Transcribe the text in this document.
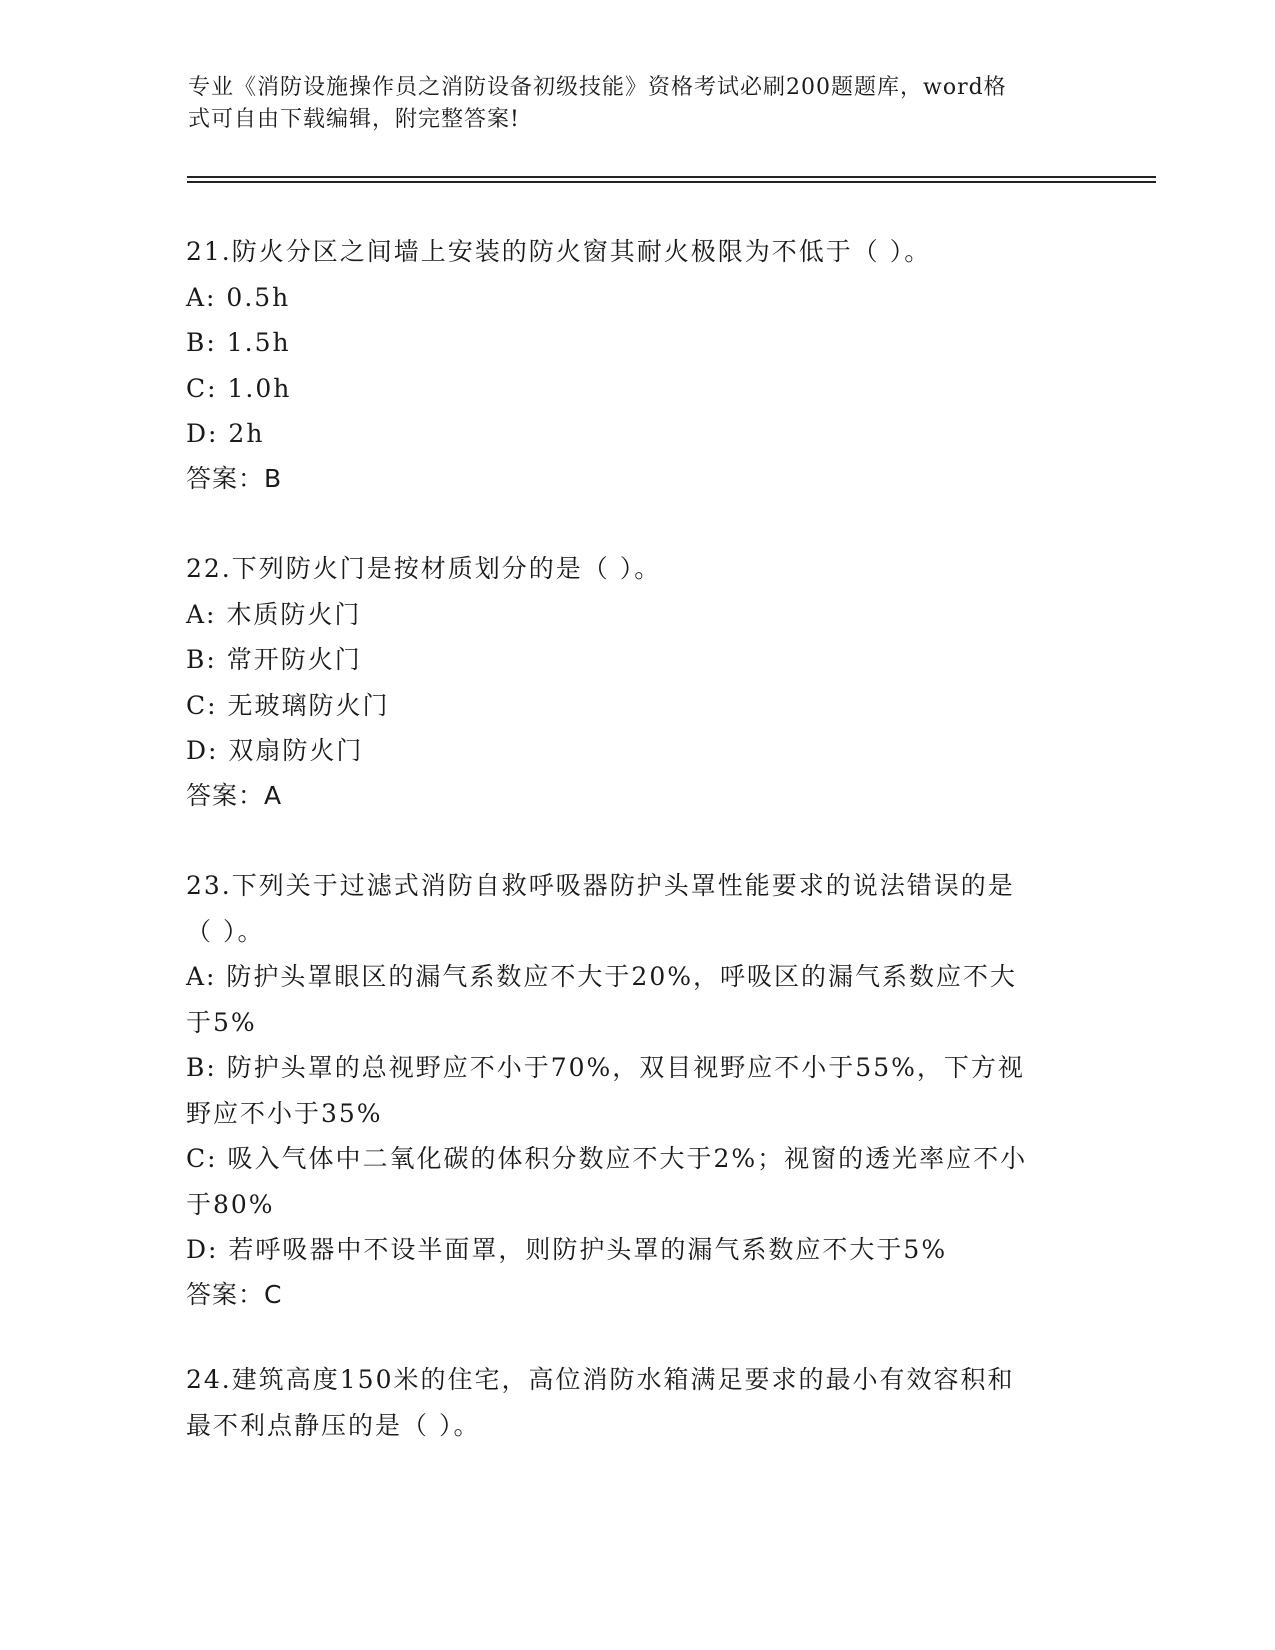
专业《消防设施操作员之消防设备初级技能》资格考试必刷200题题库，word格
式可自由下载编辑，附完整答案!
21.防火分区之间墙上安装的防火窗其耐火极限为不低于（ ）。
A: 0.5h
B: 1.5h
C: 1.0h
D: 2h
答案：B
22.下列防火门是按材质划分的是（ ）。
A: 木质防火门
B: 常开防火门
C: 无玻璃防火门
D: 双扇防火门
答案：A
23.下列关于过滤式消防自救呼吸器防护头罩性能要求的说法错误的是
（ ）。
A: 防护头罩眼区的漏气系数应不大于20%，呼吸区的漏气系数应不大
于5%
B: 防护头罩的总视野应不小于70%，双目视野应不小于55%，下方视
野应不小于35%
C: 吸入气体中二氧化碳的体积分数应不大于2%；视窗的透光率应不小
于80%
D: 若呼吸器中不设半面罩，则防护头罩的漏气系数应不大于5%
答案：C
24.建筑高度150米的住宅，高位消防水箱满足要求的最小有效容积和
最不利点静压的是（ ）。
